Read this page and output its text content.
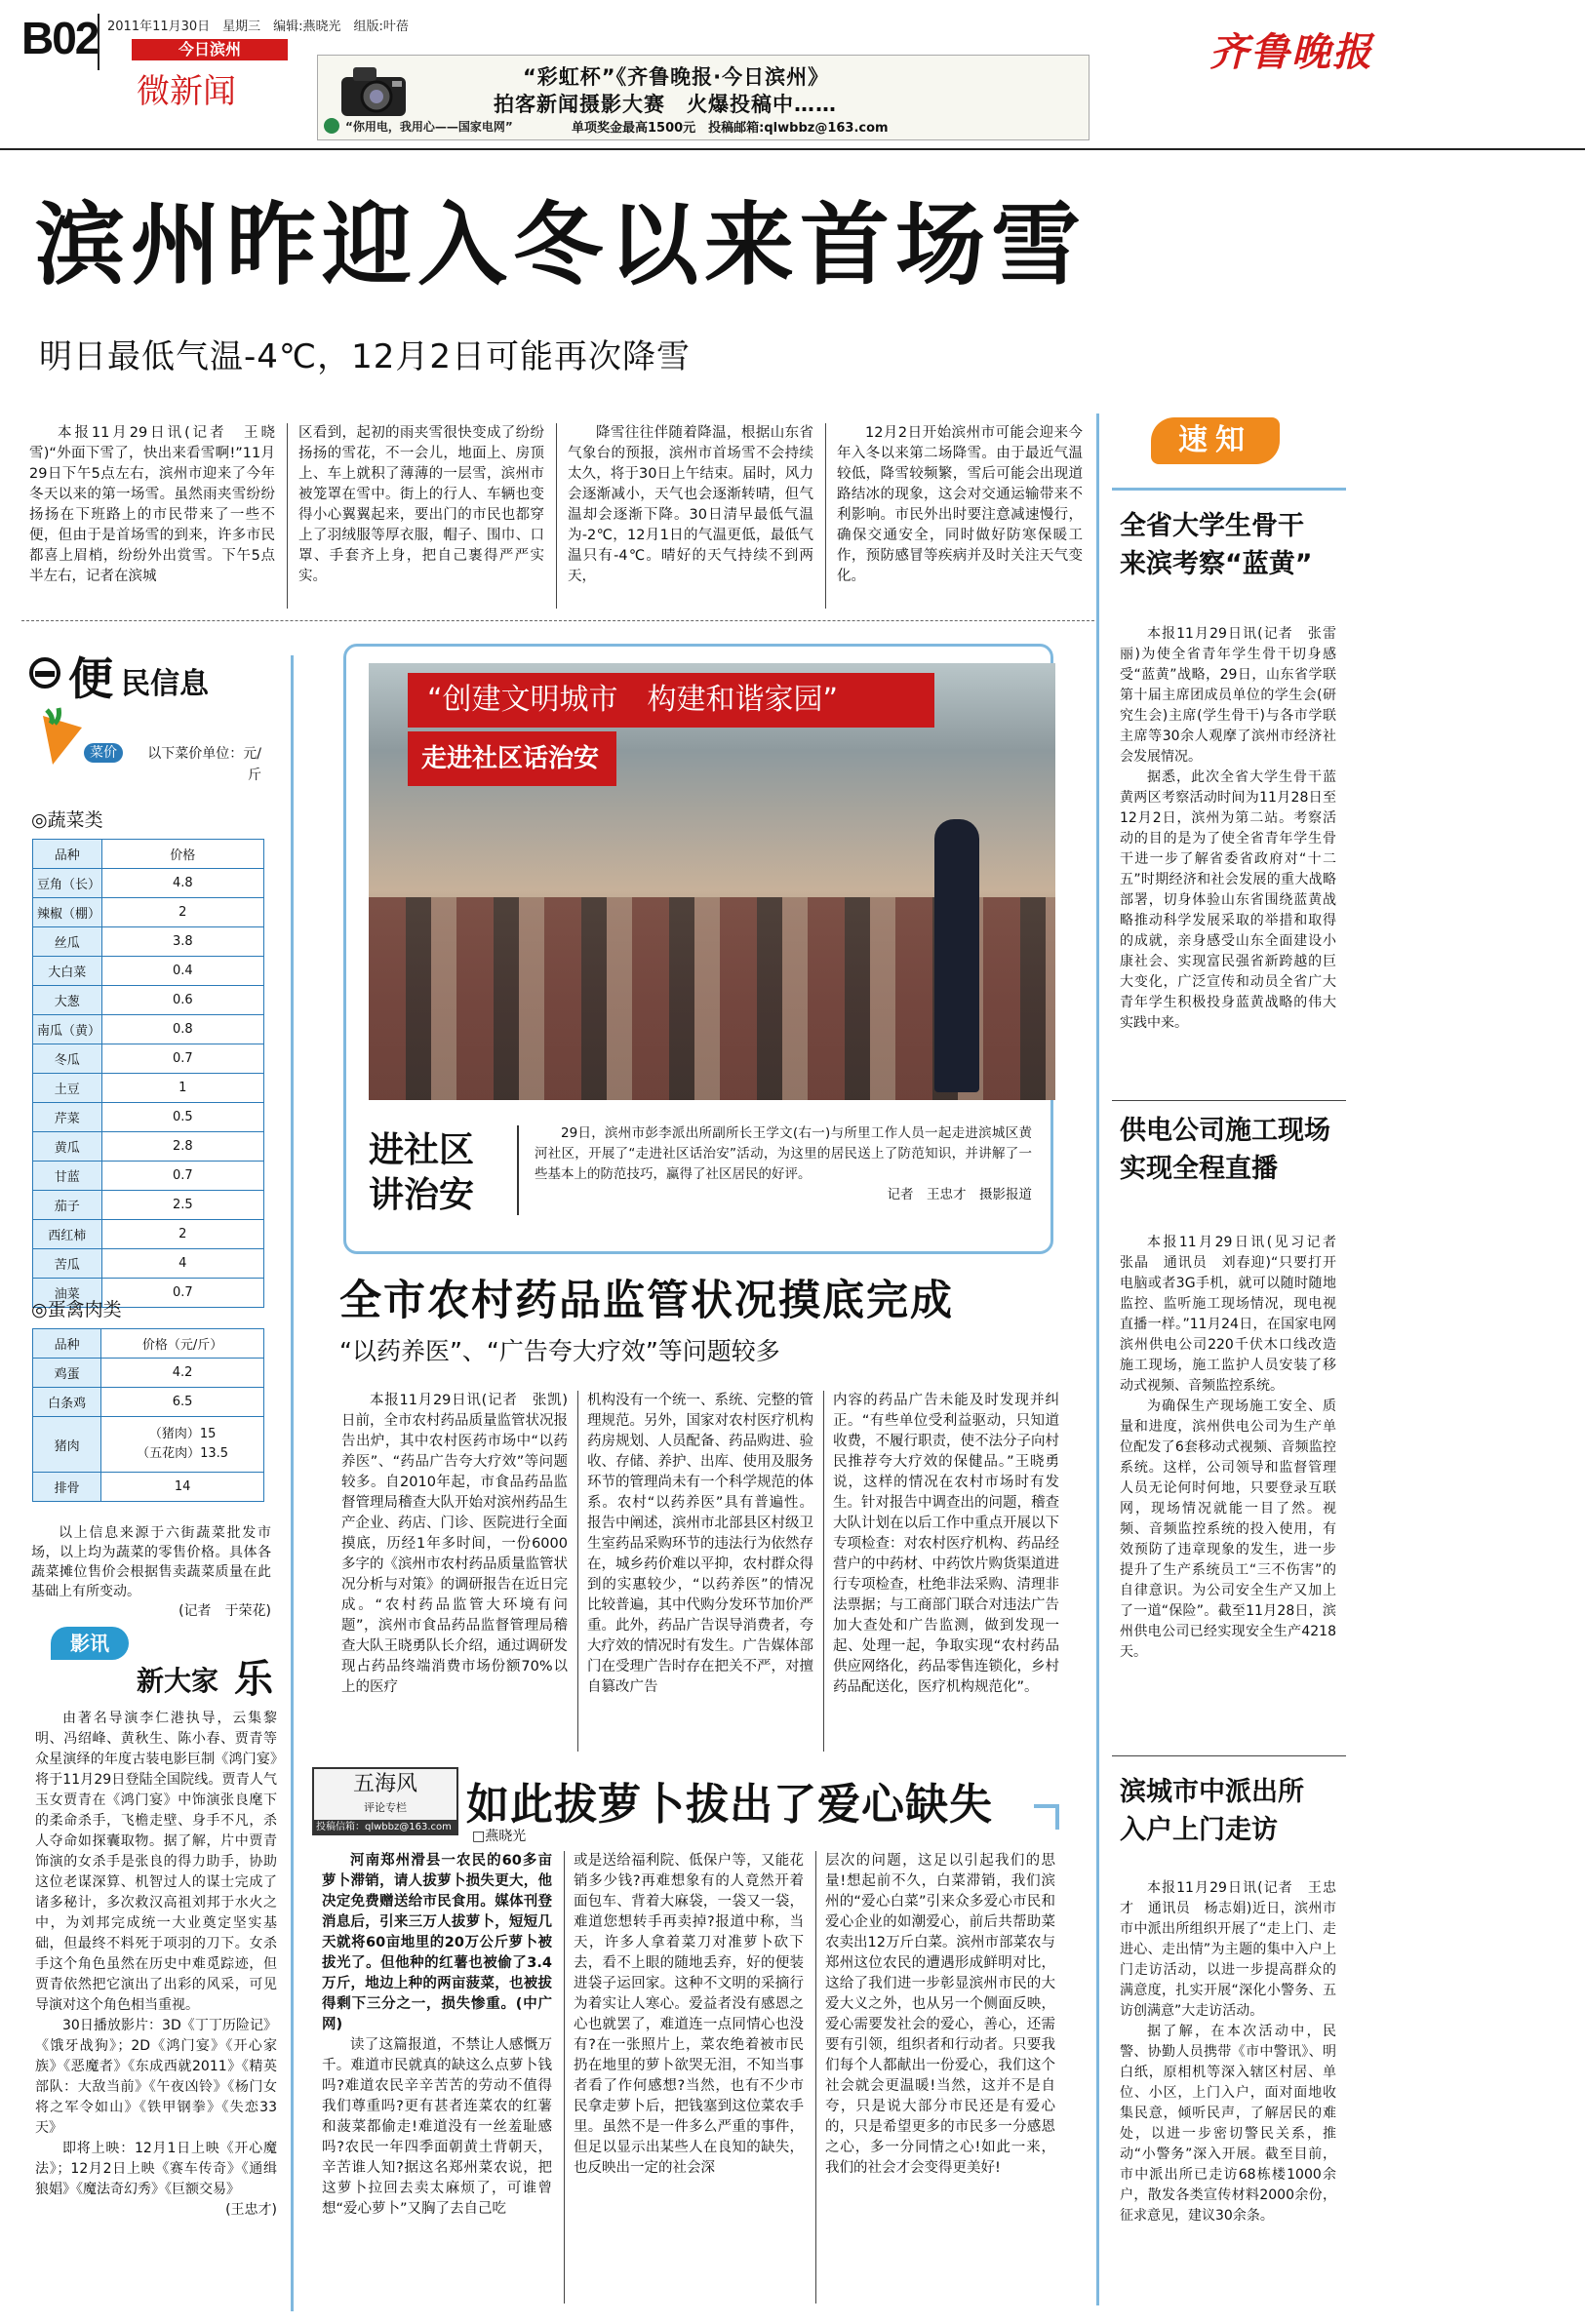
B02 2011年11月30日　星期三　编辑:燕晓光　组版:叶蓓
今日滨州
微新闻	“彩虹杯”《齐鲁晚报·今日滨州》
拍客新闻摄影大赛　火爆投稿中……
“你用电，我用心——国家电网”	单项奖金最高1500元　投稿邮箱:qlwbbz@163.com
齐鲁晚报
滨州昨迎入冬以来首场雪
明日最低气温-4℃，12月2日可能再次降雪

本报11月29日讯(记者　王晓雪)“外面下雪了，快出来看雪啊!”11月29日下午5点左右，滨州市迎来了今年冬天以来的第一场雪。虽然雨夹雪纷纷扬扬在下班路上的市民带来了一些不便，但由于是首场雪的到来，许多市民都喜上眉梢，纷纷外出赏雪。下午5点半左右，记者在滨城

区看到，起初的雨夹雪很快变成了纷纷扬扬的雪花，不一会儿，地面上、房顶上、车上就积了薄薄的一层雪，滨州市被笼罩在雪中。街上的行人、车辆也变得小心翼翼起来，要出门的市民也都穿上了羽绒服等厚衣服，帽子、围巾、口罩、手套齐上身，把自己裹得严严实实。

降雪往往伴随着降温，根据山东省气象台的预报，滨州市首场雪不会持续太久，将于30日上午结束。届时，风力会逐渐减小，天气也会逐渐转晴，但气温却会逐渐下降。30日清早最低气温为-2℃，12月1日的气温更低，最低气温只有-4℃。晴好的天气持续不到两天，

12月2日开始滨州市可能会迎来今年入冬以来第二场降雪。由于最近气温较低，降雪较频繁，雪后可能会出现道路结冰的现象，这会对交通运输带来不利影响。市民外出时要注意减速慢行，确保交通安全，同时做好防寒保暖工作，预防感冒等疾病并及时关注天气变化。

便 民信息
菜价	以下菜价单位：元/斤
◎蔬菜类
品种	价格
豆角（长）	4.8
辣椒（棚）	2
丝瓜	3.8
大白菜	0.4
大葱	0.6
南瓜（黄）	0.8
冬瓜	0.7
土豆	1
芹菜	0.5
黄瓜	2.8
甘蓝	0.7
茄子	2.5
西红柿	2
苦瓜	4
油菜	0.7
◎蛋禽肉类
品种	价格（元/斤）
鸡蛋	4.2
白条鸡	6.5
猪肉	（猪肉）15
（五花肉）13.5

排骨	14

以上信息来源于六街蔬菜批发市场，以上均为蔬菜的零售价格。具体各蔬菜摊位售价会根据售卖蔬菜质量在此基础上有所变动。

(记者　于荣花)

影讯
新大家 乐

由著名导演李仁港执导，云集黎明、冯绍峰、黄秋生、陈小春、贾青等众星演绎的年度古装电影巨制《鸿门宴》将于11月29日登陆全国院线。贾青人气玉女贾青在《鸿门宴》中饰演张良麾下的柔命杀手，飞檐走壁、身手不凡，杀人夺命如探囊取物。据了解，片中贾青饰演的女杀手是张良的得力助手，协助这位老谋深算、机智过人的谋士完成了诸多秘计，多次救汉高祖刘邦于水火之中，为刘邦完成统一大业奠定坚实基础，但最终不料死于项羽的刀下。女杀手这个角色虽然在历史中难觅踪迹，但贾青依然把它演出了出彩的风采，可见导演对这个角色相当重视。

30日播放影片：3D《丁丁历险记》《饿牙战狗》；2D《鸿门宴》《开心家族》《恶魔者》《东成西就2011》《精英部队：大敌当前》《午夜凶铃》《杨门女将之军令如山》《铁甲钢拳》《失恋33天》

即将上映：12月1日上映《开心魔法》；12月2日上映《赛车传奇》《通缉狼娼》《魔法奇幻秀》《巨额交易》

(王忠才)

“创建文明城市　构建和谐家园”
走进社区话治安
进社区
讲治安

29日，滨州市彭李派出所副所长王学文(右一)与所里工作人员一起走进滨城区黄河社区，开展了“走进社区话治安”活动，为这里的居民送上了防范知识，并讲解了一些基本上的防范技巧，赢得了社区居民的好评。

记者　王忠才　摄影报道

全市农村药品监管状况摸底完成
“以药养医”、“广告夸大疗效”等问题较多

本报11月29日讯(记者　张凯)日前，全市农村药品质量监管状况报告出炉，其中农村医药市场中“以药养医”、“药品广告夸大疗效”等问题较多。自2010年起，市食品药品监督管理局稽查大队开始对滨州药品生产企业、药店、门诊、医院进行全面摸底，历经1年多时间，一份6000多字的《滨州市农村药品质量监管状况分析与对策》的调研报告在近日完成。“农村药品监管大环境有问题”，滨州市食品药品监督管理局稽查大队王晓勇队长介绍，通过调研发现占药品终端消费市场份额70%以上的医疗

机构没有一个统一、系统、完整的管理规范。另外，国家对农村医疗机构药房规划、人员配备、药品购进、验收、存储、养护、出库、使用及服务环节的管理尚未有一个科学规范的体系。农村“以药养医”具有普遍性。报告中阐述，滨州市北部县区村级卫生室药品采购环节的违法行为依然存在，城乡药价难以平抑，农村群众得到的实惠较少，“以药养医”的情况比较普遍，其中代购分发环节加价严重。此外，药品广告误导消费者，夸大疗效的情况时有发生。广告媒体部门在受理广告时存在把关不严，对擅自篡改广告

内容的药品广告未能及时发现并纠正。“有些单位受利益驱动，只知道收费，不履行职责，使不法分子向村民推荐夸大疗效的保健品。”王晓勇说，这样的情况在农村市场时有发生。针对报告中调查出的问题，稽查大队计划在以后工作中重点开展以下专项检查：对农村医疗机构、药品经营户的中药材、中药饮片购货渠道进行专项检查，杜绝非法采购、清理非法票据；与工商部门联合对违法广告加大查处和广告监测，做到发现一起、处理一起，争取实现“农村药品供应网络化，药品零售连锁化，乡村药品配送化，医疗机构规范化”。

五海风
评论专栏
投稿信箱：qlwbbz@163.com 如此拔萝卜拔出了爱心缺失
□燕晓光

河南郑州滑县一农民的60多亩萝卜滞销，请人拔萝卜损失更大，他决定免费赠送给市民食用。媒体刊登消息后，引来三万人拔萝卜，短短几天就将60亩地里的20万公斤萝卜被拔光了。但他种的红薯也被偷了3.4万斤，地边上种的两亩菠菜，也被拔得剩下三分之一，损失惨重。(中广网)

读了这篇报道，不禁让人感慨万千。难道市民就真的缺这么点萝卜钱吗?难道农民辛辛苦苦的劳动不值得我们尊重吗?更有甚者连菜农的红薯和菠菜都偷走!难道没有一丝羞耻感吗?农民一年四季面朝黄土背朝天，辛苦谁人知?据这名郑州菜农说，把这萝卜拉回去卖太麻烦了，可谁曾想“爱心萝卜”又胸了去自己吃

或是送给福利院、低保户等，又能花销多少钱?再难想象有的人竟然开着面包车、背着大麻袋，一袋又一袋，难道您想转手再卖掉?报道中称，当天，许多人拿着菜刀对准萝卜砍下去，看不上眼的随地丢弃，好的便装进袋子运回家。这种不文明的采摘行为着实让人寒心。爱益者没有感恩之心也就罢了，难道连一点同情心也没有?在一张照片上，菜农绝着被市民扔在地里的萝卜欲哭无泪，不知当事者看了作何感想?当然，也有不少市民拿走萝卜后，把钱塞到这位菜农手里。虽然不是一件多么严重的事件，但足以显示出某些人在良知的缺失，也反映出一定的社会深

层次的问题，这足以引起我们的思量!想起前不久，白菜滞销，我们滨州的“爱心白菜”引来众多爱心市民和爱心企业的如潮爱心，前后共帮助菜农卖出12万斤白菜。滨州市部菜农与郑州这位农民的遭遇形成鲜明对比，这给了我们进一步彰显滨州市民的大爱大义之外，也从另一个侧面反映，爱心需要发社会的爱心，善心，还需要有引领，组织者和行动者。只要我们每个人都献出一份爱心，我们这个社会就会更温暖!当然，这并不是自夸，只是说大部分市民还是有爱心的，只是希望更多的市民多一分感恩之心，多一分同情之心!如此一来，我们的社会才会变得更美好!

速知
全省大学生骨干
来滨考察“蓝黄”

本报11月29日讯(记者　张雷丽)为使全省青年学生骨干切身感受“蓝黄”战略，29日，山东省学联第十届主席团成员单位的学生会(研究生会)主席(学生骨干)与各市学联主席等30余人观摩了滨州市经济社会发展情况。

据悉，此次全省大学生骨干蓝黄两区考察活动时间为11月28日至12月2日，滨州为第二站。考察活动的目的是为了使全省青年学生骨干进一步了解省委省政府对“十二五”时期经济和社会发展的重大战略部署，切身体验山东省围绕蓝黄战略推动科学发展采取的举措和取得的成就，亲身感受山东全面建设小康社会、实现富民强省新跨越的巨大变化，广泛宣传和动员全省广大青年学生积极投身蓝黄战略的伟大实践中来。

供电公司施工现场
实现全程直播

本报11月29日讯(见习记者　张晶　通讯员　刘春迎)“只要打开电脑或者3G手机，就可以随时随地监控、监听施工现场情况，现电视直播一样。”11月24日，在国家电网滨州供电公司220千伏木口线改造施工现场，施工监护人员安装了移动式视频、音频监控系统。

为确保生产现场施工安全、质量和进度，滨州供电公司为生产单位配发了6套移动式视频、音频监控系统。这样，公司领导和监督管理人员无论何时何地，只要登录互联网，现场情况就能一目了然。视频、音频监控系统的投入使用，有效预防了违章现象的发生，进一步提升了生产系统员工“三不伤害”的自律意识。为公司安全生产又加上了一道“保险”。截至11月28日，滨州供电公司已经实现安全生产4218天。

滨城市中派出所
入户上门走访

本报11月29日讯(记者　王忠才　通讯员　杨志娟)近日，滨州市市中派出所组织开展了“走上门、走进心、走出情”为主题的集中入户上门走访活动，以进一步提高群众的满意度，扎实开展“深化小警务、五访创满意”大走访活动。

据了解，在本次活动中，民警、协勤人员携带《市中警讯》、明白纸，原相机等深入辖区村居、单位、小区，上门入户，面对面地收集民意，倾听民声，了解居民的难处，以进一步密切警民关系，推动“小警务”深入开展。截至目前，市中派出所已走访68栋楼1000余户，散发各类宣传材料2000余份，征求意见，建议30余条。
